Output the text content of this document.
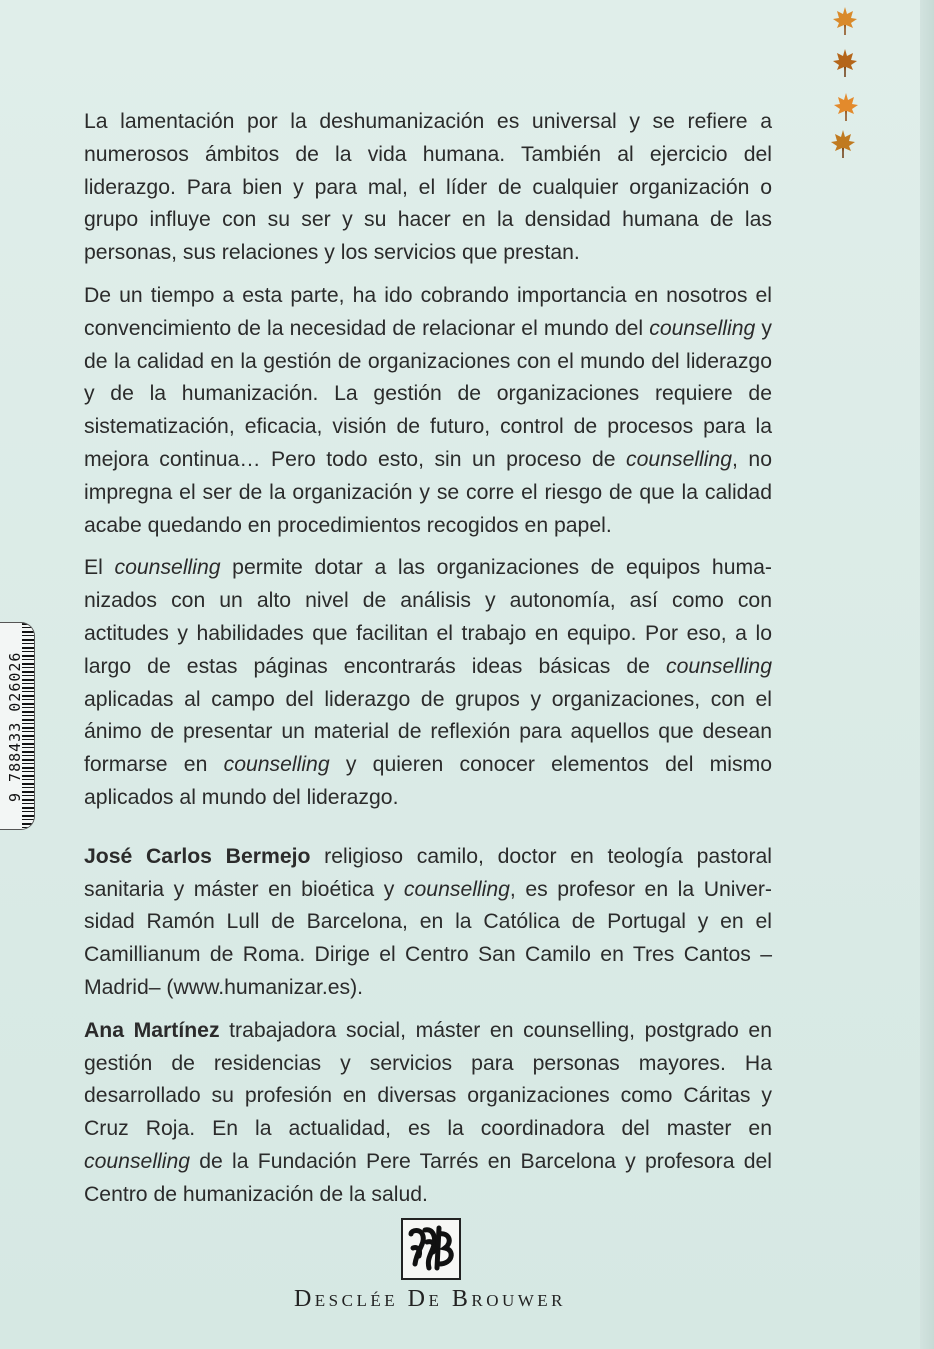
9 788433 026026

La lamentación por la deshumanización es universal y se refiere a numerosos ámbitos de la vida humana. También al ejercicio del liderazgo. Para bien y para mal, el líder de cualquier organización o grupo influye con su ser y su hacer en la densidad humana de las personas, sus relaciones y los servicios que prestan.

De un tiempo a esta parte, ha ido cobrando importancia en nosotros el convencimiento de la necesidad de relacionar el mundo del counselling y de la calidad en la gestión de organizaciones con el mundo del liderazgo y de la humanización. La gestión de organizaciones requiere de sistematización, eficacia, visión de futuro, control de procesos para la mejora continua… Pero todo esto, sin un proceso de counselling, no impregna el ser de la organización y se corre el riesgo de que la calidad acabe quedando en procedimientos recogidos en papel.

El counselling permite dotar a las organizaciones de equipos humanizados con un alto nivel de análisis y autonomía, así como con actitudes y habilidades que facilitan el trabajo en equipo. Por eso, a lo largo de estas páginas encontrarás ideas básicas de counselling aplicadas al campo del liderazgo de grupos y organizaciones, con el ánimo de presentar un material de reflexión para aquellos que desean formarse en counselling y quieren conocer elementos del mismo aplicados al mundo del liderazgo.

José Carlos Bermejo religioso camilo, doctor en teología pastoral sanitaria y máster en bioética y counselling, es profesor en la Universidad Ramón Lull de Barcelona, en la Católica de Portugal y en el Camillianum de Roma. Dirige el Centro San Camilo en Tres Cantos –Madrid– (www.humanizar.es).

Ana Martínez trabajadora social, máster en counselling, postgrado en gestión de residencias y servicios para personas mayores. Ha desarrollado su profesión en diversas organizaciones como Cáritas y Cruz Roja. En la actualidad, es la coordinadora del master en counselling de la Fundación Pere Tarrés en Barcelona y profesora del Centro de humanización de la salud.

Desclée De Brouwer
